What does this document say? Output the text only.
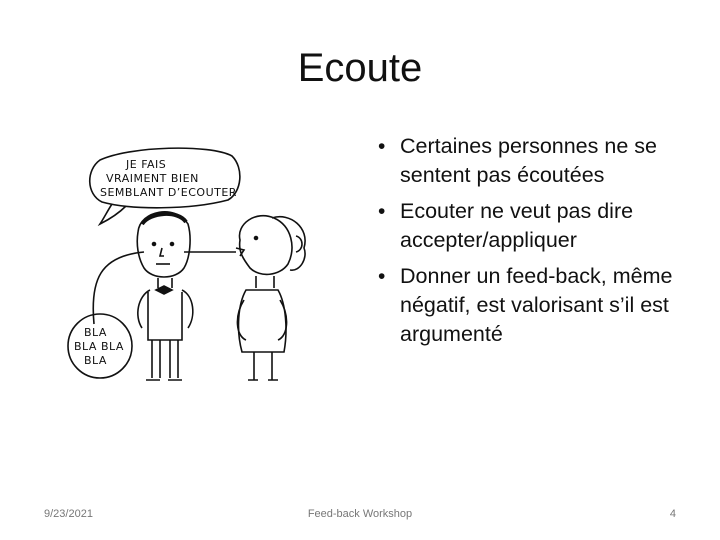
Ecoute
JE FAIS
VRAIMENT BIEN
SEMBLANT D’ECOUTER
BLA
BLA BLA
BLA
• Certaines personnes ne se sentent pas écoutées
• Ecouter ne veut pas dire accepter/appliquer
• Donner un feed-back, même négatif, est valorisant s’il est argumenté
9/23/2021	Feed-back Workshop	4
